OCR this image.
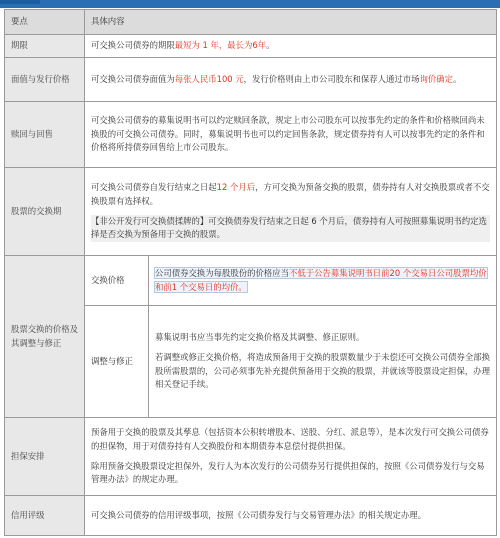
要点	具体内容	
期限	可交换公司债券的期限最短为 1 年，最长为6年。	
面值与发行价格	可交换公司债券面值为每张人民币100 元，发行价格则由上市公司股东和保荐人通过市场询价确定。	
赎回与回售	可交换公司债券的募集说明书可以约定赎回条款，规定上市公司股东可以按事先约定的条件和价格赎回尚未换股的可交换公司债券。同时，募集说明书也可以约定回售条款，规定债券持有人可以按事先约定的条件和价格将所持债券回售给上市公司股东。	
股票的交换期	可交换公司债券自发行结束之日起12 个月后，方可交换为预备交换的股票，债券持有人对交换股票或者不交换股票有选择权。

【非公开发行可交换债揉牌的】可交换债券发行结束之日起 6 个月后，债券持有人可按照募集说明书约定选择是否交换为预备用于交换的股票。	

股票交换的价格及其调整与修正	交换价格	公司债券交换为每股股份的价格应当不低于公告募集说明书日前20 个交易日公司股票均价和前1 个交易日的均价。
	调整与修正	募集说明书应当事先约定交换价格及其调整、修正原则。

若调整或修正交换价格，将造成预备用于交换的股票数量少于未偿还可交换公司债券全部换股所需股票的，公司必须事先补充提供预备用于交换的股票，并就该等股票设定担保，办理相关登记手续。

担保安排	预备用于交换的股票及其孳息（包括资本公积转增股本、送股、分红、派息等），是本次发行可交换公司债券的担保物，用于对债券持有人交换股份和本期债券本息偿付提供担保。

除用预备交换股票设定担保外，发行人为本次发行的公司债券另行提供担保的，按照《公司债券发行与交易管理办法》的规定办理。	

信用评级	可交换公司债券的信用评级事项，按照《公司债券发行与交易管理办法》的相关规定办理。	
